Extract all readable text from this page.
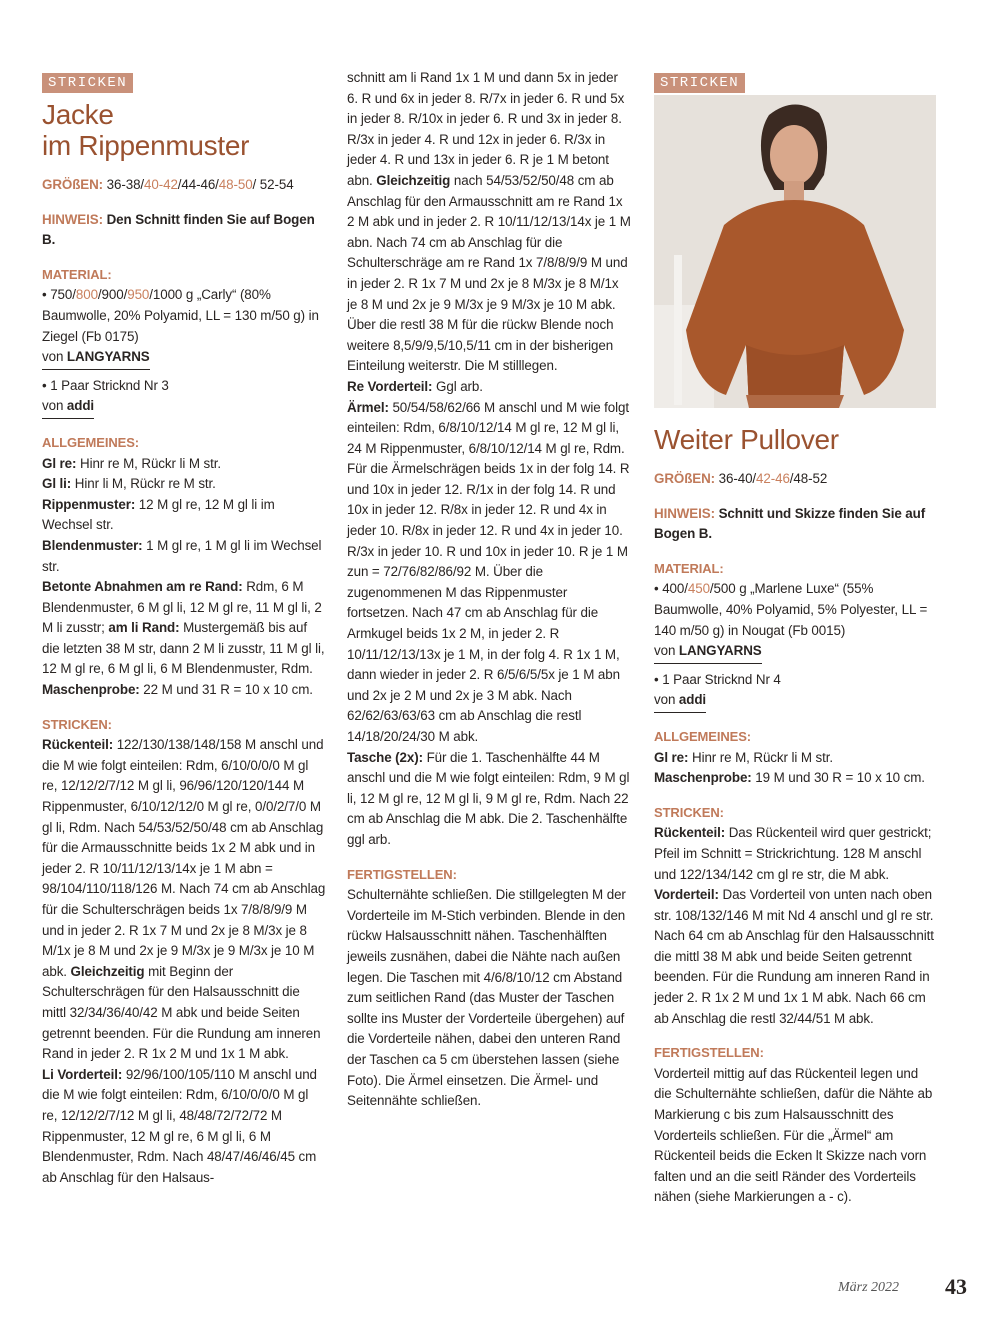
STRICKEN
Jacke
im Rippenmuster

GRÖßEN: 36-38/40-42/44-46/48-50/ 52-54

HINWEIS: Den Schnitt finden Sie auf Bogen B.

MATERIAL:

• 750/800/900/950/1000 g „Carly“ (80% Baumwolle, 20% Polyamid, LL = 130 m/50 g) in Ziegel (Fb 0175)

von LANGYARNS

• 1 Paar Stricknd Nr 3

von addi

ALLGEMEINES:

Gl re: Hinr re M, Rückr li M str.

Gl li: Hinr li M, Rückr re M str.

Rippenmuster: 12 M gl re, 12 M gl li im Wechsel str.

Blendenmuster: 1 M gl re, 1 M gl li im Wechsel str.

Betonte Abnahmen am re Rand: Rdm, 6 M Blendenmuster, 6 M gl li, 12 M gl re, 11 M gl li, 2 M li zusstr; am li Rand: Mustergemäß bis auf die letzten 38 M str, dann 2 M li zusstr, 11 M gl li, 12 M gl re, 6 M gl li, 6 M Blendenmuster, Rdm.

Maschenprobe: 22 M und 31 R = 10 x 10 cm.

STRICKEN:

Rückenteil: 122/130/138/148/158 M anschl und die M wie folgt einteilen: Rdm, 6/10/0/0/0 M gl re, 12/12/2/7/12 M gl li, 96/96/120/120/144 M Rippenmuster, 6/10/12/12/0 M gl re, 0/0/2/7/0 M gl li, Rdm. Nach 54/53/52/50/48 cm ab Anschlag für die Armausschnitte beids 1x 2 M abk und in jeder 2. R 10/11/12/13/14x je 1 M abn = 98/104/110/118/126 M. Nach 74 cm ab Anschlag für die Schulterschrägen beids 1x 7/8/8/9/9 M und in jeder 2. R 1x 7 M und 2x je 8 M/3x je 8 M/1x je 8 M und 2x je 9 M/3x je 9 M/3x je 10 M abk. Gleichzeitig mit Beginn der Schulterschrägen für den Halsausschnitt die mittl 32/34/36/40/42 M abk und beide Seiten getrennt beenden. Für die Rundung am inneren Rand in jeder 2. R 1x 2 M und 1x 1 M abk.

Li Vorderteil: 92/96/100/105/110 M anschl und die M wie folgt einteilen: Rdm, 6/10/0/0/0 M gl re, 12/12/2/7/12 M gl li, 48/48/72/72/72 M Rippenmuster, 12 M gl re, 6 M gl li, 6 M Blendenmuster, Rdm. Nach 48/47/46/46/45 cm ab Anschlag für den Halsaus-

schnitt am li Rand 1x 1 M und dann 5x in jeder 6. R und 6x in jeder 8. R/7x in jeder 6. R und 5x in jeder 8. R/10x in jeder 6. R und 3x in jeder 8. R/3x in jeder 4. R und 12x in jeder 6. R/3x in jeder 4. R und 13x in jeder 6. R je 1 M betont abn. Gleichzeitig nach 54/53/52/50/48 cm ab Anschlag für den Armausschnitt am re Rand 1x 2 M abk und in jeder 2. R 10/11/12/13/14x je 1 M abn. Nach 74 cm ab Anschlag für die Schulterschräge am re Rand 1x 7/8/8/9/9 M und in jeder 2. R 1x 7 M und 2x je 8 M/3x je 8 M/1x je 8 M und 2x je 9 M/3x je 9 M/3x je 10 M abk. Über die restl 38 M für die rückw Blende noch weitere 8,5/9/9,5/10,5/11 cm in der bisherigen Einteilung weiterstr. Die M stilllegen.

Re Vorderteil: Ggl arb.

Ärmel: 50/54/58/62/66 M anschl und M wie folgt einteilen: Rdm, 6/8/10/12/14 M gl re, 12 M gl li, 24 M Rippenmuster, 6/8/10/12/14 M gl re, Rdm. Für die Ärmelschrägen beids 1x in der folg 14. R und 10x in jeder 12. R/1x in der folg 14. R und 10x in jeder 12. R/8x in jeder 12. R und 4x in jeder 10. R/8x in jeder 12. R und 4x in jeder 10. R/3x in jeder 10. R und 10x in jeder 10. R je 1 M zun = 72/76/82/86/92 M. Über die zugenommenen M das Rippenmuster fortsetzen. Nach 47 cm ab Anschlag für die Armkugel beids 1x 2 M, in jeder 2. R 10/11/12/13/13x je 1 M, in der folg 4. R 1x 1 M, dann wieder in jeder 2. R 6/5/6/5/5x je 1 M abn und 2x je 2 M und 2x je 3 M abk. Nach 62/62/63/63/63 cm ab Anschlag die restl 14/18/20/24/30 M abk.

Tasche (2x): Für die 1. Taschenhälfte 44 M anschl und die M wie folgt einteilen: Rdm, 9 M gl li, 12 M gl re, 12 M gl li, 9 M gl re, Rdm. Nach 22 cm ab Anschlag die M abk. Die 2. Taschenhälfte ggl arb.

FERTIGSTELLEN:

Schulternähte schließen. Die stillgelegten M der Vorderteile im M-Stich verbinden. Blende in den rückw Halsausschnitt nähen. Taschenhälften jeweils zusnähen, dabei die Nähte nach außen legen. Die Taschen mit 4/6/8/10/12 cm Abstand zum seitlichen Rand (das Muster der Taschen sollte ins Muster der Vorderteile übergehen) auf die Vorderteile nähen, dabei den unteren Rand der Taschen ca 5 cm überstehen lassen (siehe Foto). Die Ärmel einsetzen. Die Ärmel- und Seitennähte schließen.

STRICKEN
Weiter Pullover

GRÖßEN: 36-40/42-46/48-52

HINWEIS: Schnitt und Skizze finden Sie auf Bogen B.

MATERIAL:

• 400/450/500 g „Marlene Luxe“ (55% Baumwolle, 40% Polyamid, 5% Polyester, LL = 140 m/50 g) in Nougat (Fb 0015)

von LANGYARNS

• 1 Paar Stricknd Nr 4

von addi

ALLGEMEINES:

Gl re: Hinr re M, Rückr li M str.

Maschenprobe: 19 M und 30 R = 10 x 10 cm.

STRICKEN:

Rückenteil: Das Rückenteil wird quer gestrickt; Pfeil im Schnitt = Strickrichtung. 128 M anschl und 122/134/142 cm gl re str, die M abk.

Vorderteil: Das Vorderteil von unten nach oben str. 108/132/146 M mit Nd 4 anschl und gl re str. Nach 64 cm ab Anschlag für den Halsausschnitt die mittl 38 M abk und beide Seiten getrennt beenden. Für die Rundung am inneren Rand in jeder 2. R 1x 2 M und 1x 1 M abk. Nach 66 cm ab Anschlag die restl 32/44/51 M abk.

FERTIGSTELLEN:

Vorderteil mittig auf das Rückenteil legen und die Schulternähte schließen, dafür die Nähte ab Markierung c bis zum Halsausschnitt des Vorderteils schließen. Für die „Ärmel“ am Rückenteil beids die Ecken lt Skizze nach vorn falten und an die seitl Ränder des Vorderteils nähen (siehe Markierungen a - c).

März 2022 43
